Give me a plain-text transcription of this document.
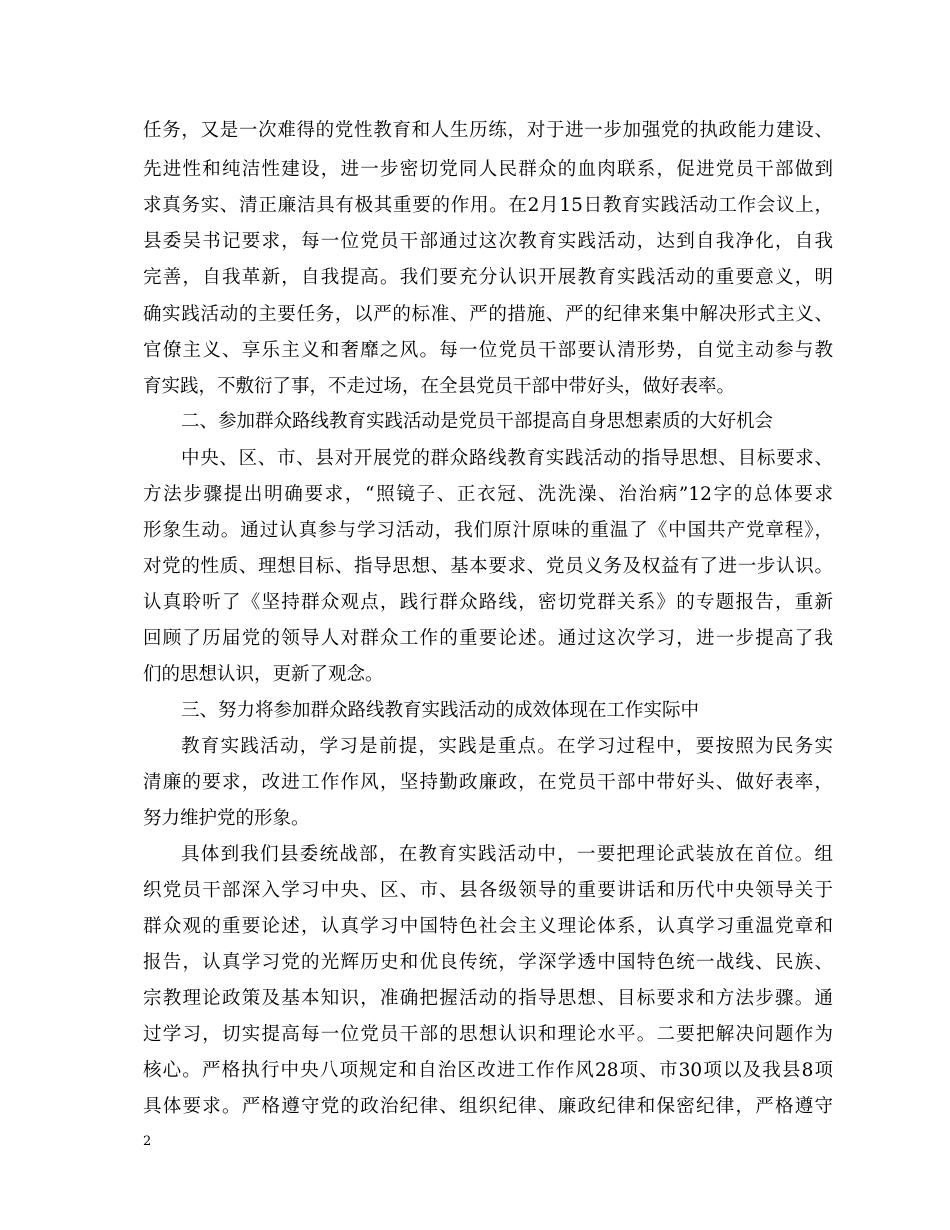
任务，又是一次难得的党性教育和人生历练，对于进一步加强党的执政能力建设、
先进性和纯洁性建设，进一步密切党同人民群众的血肉联系，促进党员干部做到
求真务实、清正廉洁具有极其重要的作用。在2月15日教育实践活动工作会议上，
县委吴书记要求，每一位党员干部通过这次教育实践活动，达到自我净化，自我
完善，自我革新，自我提高。我们要充分认识开展教育实践活动的重要意义，明
确实践活动的主要任务，以严的标准、严的措施、严的纪律来集中解决形式主义、
官僚主义、享乐主义和奢靡之风。每一位党员干部要认清形势，自觉主动参与教
育实践，不敷衍了事，不走过场，在全县党员干部中带好头，做好表率。
二、参加群众路线教育实践活动是党员干部提高自身思想素质的大好机会
中央、区、市、县对开展党的群众路线教育实践活动的指导思想、目标要求、
方法步骤提出明确要求，“照镜子、正衣冠、洗洗澡、治治病”12字的总体要求
形象生动。通过认真参与学习活动，我们原汁原味的重温了《中国共产党章程》，
对党的性质、理想目标、指导思想、基本要求、党员义务及权益有了进一步认识。
认真聆听了《坚持群众观点，践行群众路线，密切党群关系》的专题报告，重新
回顾了历届党的领导人对群众工作的重要论述。通过这次学习，进一步提高了我
们的思想认识，更新了观念。
三、努力将参加群众路线教育实践活动的成效体现在工作实际中
教育实践活动，学习是前提，实践是重点。在学习过程中，要按照为民务实
清廉的要求，改进工作作风，坚持勤政廉政，在党员干部中带好头、做好表率，
努力维护党的形象。
具体到我们县委统战部，在教育实践活动中，一要把理论武装放在首位。组
织党员干部深入学习中央、区、市、县各级领导的重要讲话和历代中央领导关于
群众观的重要论述，认真学习中国特色社会主义理论体系，认真学习重温党章和
报告，认真学习党的光辉历史和优良传统，学深学透中国特色统一战线、民族、
宗教理论政策及基本知识，准确把握活动的指导思想、目标要求和方法步骤。通
过学习，切实提高每一位党员干部的思想认识和理论水平。二要把解决问题作为
核心。严格执行中央八项规定和自治区改进工作作风28项、市30项以及我县8项
具体要求。严格遵守党的政治纪律、组织纪律、廉政纪律和保密纪律，严格遵守
2
